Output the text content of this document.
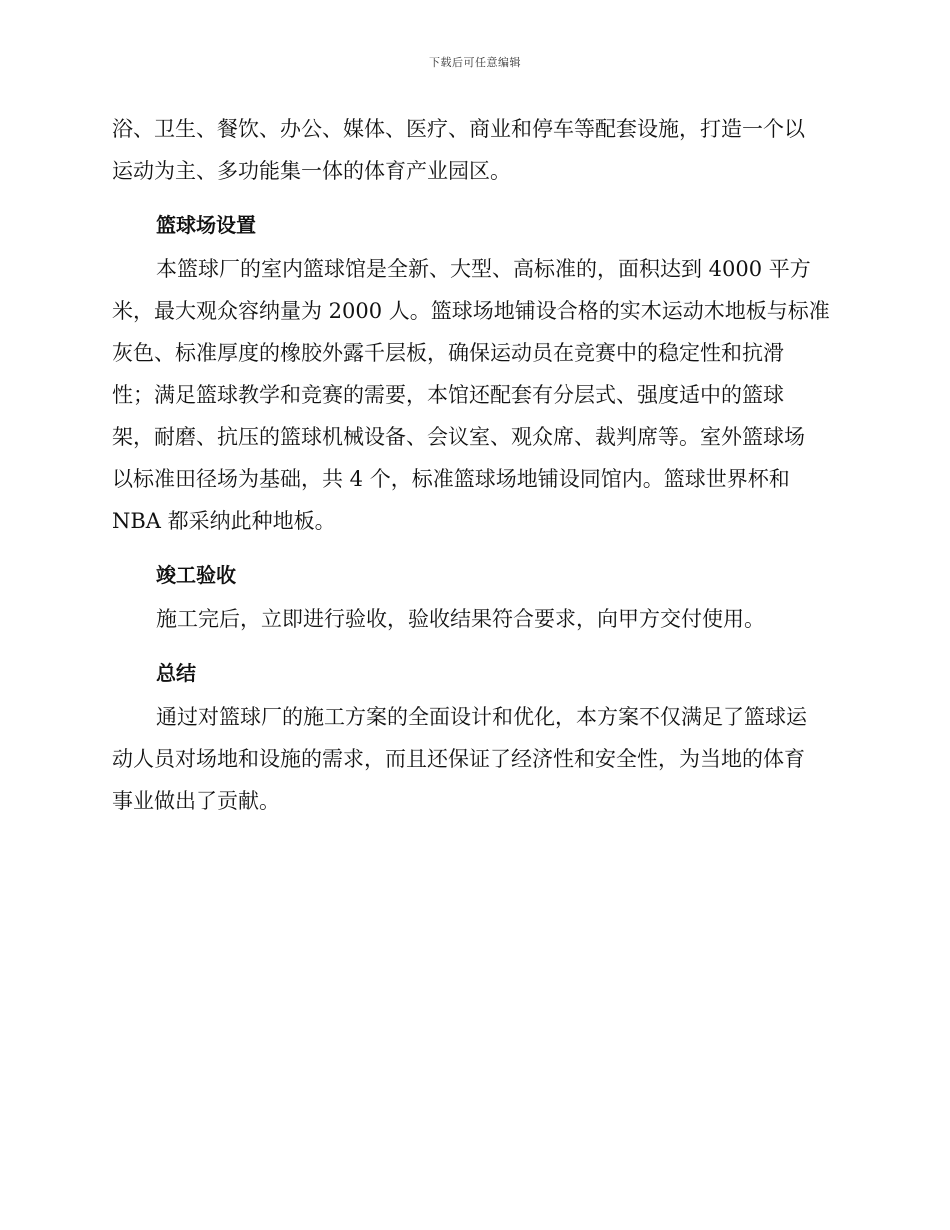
下载后可任意编辑
浴、卫生、餐饮、办公、媒体、医疗、商业和停车等配套设施，打造一个以
运动为主、多功能集一体的体育产业园区。
篮球场设置
本篮球厂的室内篮球馆是全新、大型、高标准的，面积达到 4000 平方
米，最大观众容纳量为 2000 人。篮球场地铺设合格的实木运动木地板与标准
灰色、标准厚度的橡胶外露千层板，确保运动员在竞赛中的稳定性和抗滑
性；满足篮球教学和竞赛的需要，本馆还配套有分层式、强度适中的篮球
架，耐磨、抗压的篮球机械设备、会议室、观众席、裁判席等。室外篮球场
以标准田径场为基础，共 4 个，标准篮球场地铺设同馆内。篮球世界杯和
NBA 都采纳此种地板。
竣工验收
施工完后，立即进行验收，验收结果符合要求，向甲方交付使用。
总结
通过对篮球厂的施工方案的全面设计和优化，本方案不仅满足了篮球运
动人员对场地和设施的需求，而且还保证了经济性和安全性，为当地的体育
事业做出了贡献。
